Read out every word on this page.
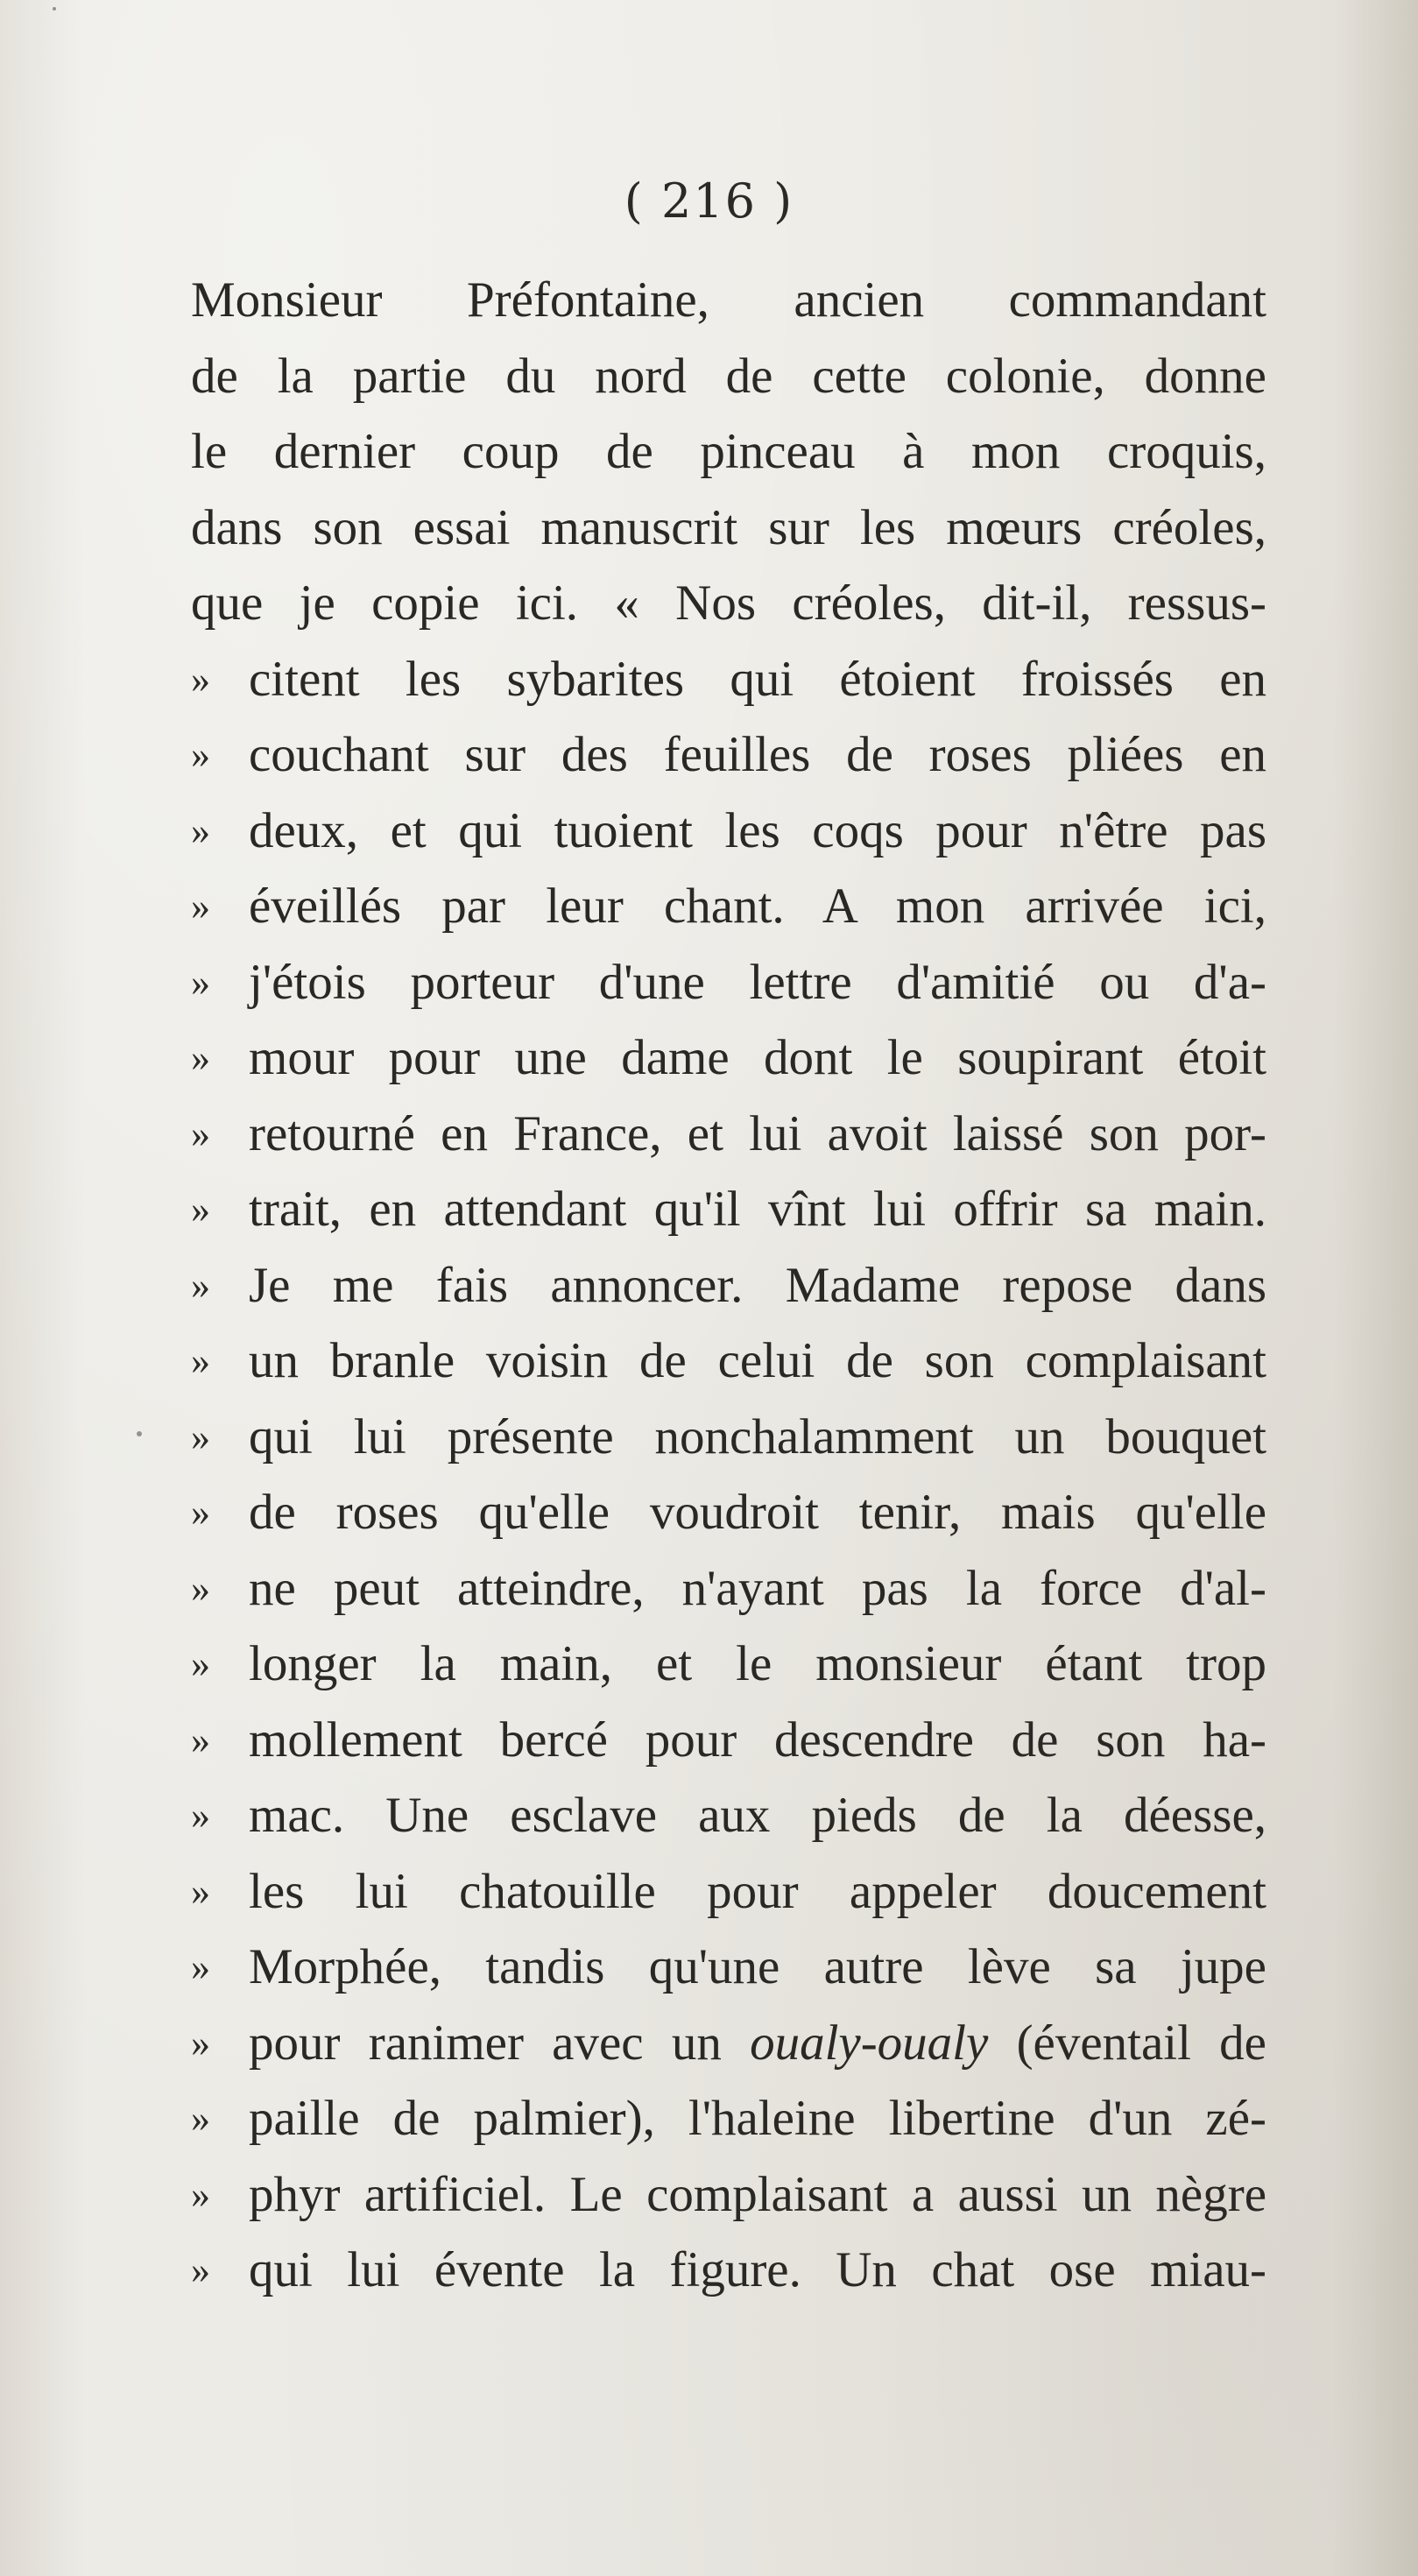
( 216 )
Monsieur Préfontaine, ancien commandant
de la partie du nord de cette colonie, donne
le dernier coup de pinceau à mon croquis,
dans son essai manuscrit sur les mœurs créoles,
que je copie ici. « Nos créoles, dit-il, ressus-
» citent les sybarites qui étoient froissés en
» couchant sur des feuilles de roses pliées en
» deux, et qui tuoient les coqs pour n'être pas
» éveillés par leur chant. A mon arrivée ici,
» j'étois porteur d'une lettre d'amitié ou d'a-
» mour pour une dame dont le soupirant étoit
» retourné en France, et lui avoit laissé son por-
» trait, en attendant qu'il vînt lui offrir sa main.
» Je me fais annoncer. Madame repose dans
» un branle voisin de celui de son complaisant
» qui lui présente nonchalamment un bouquet
» de roses qu'elle voudroit tenir, mais qu'elle
» ne peut atteindre, n'ayant pas la force d'al-
» longer la main, et le monsieur étant trop
» mollement bercé pour descendre de son ha-
» mac. Une esclave aux pieds de la déesse,
» les lui chatouille pour appeler doucement
» Morphée, tandis qu'une autre lève sa jupe
» pour ranimer avec un oualy-oualy (éventail de
» paille de palmier), l'haleine libertine d'un zé-
» phyr artificiel. Le complaisant a aussi un nègre
» qui lui évente la figure. Un chat ose miau-
